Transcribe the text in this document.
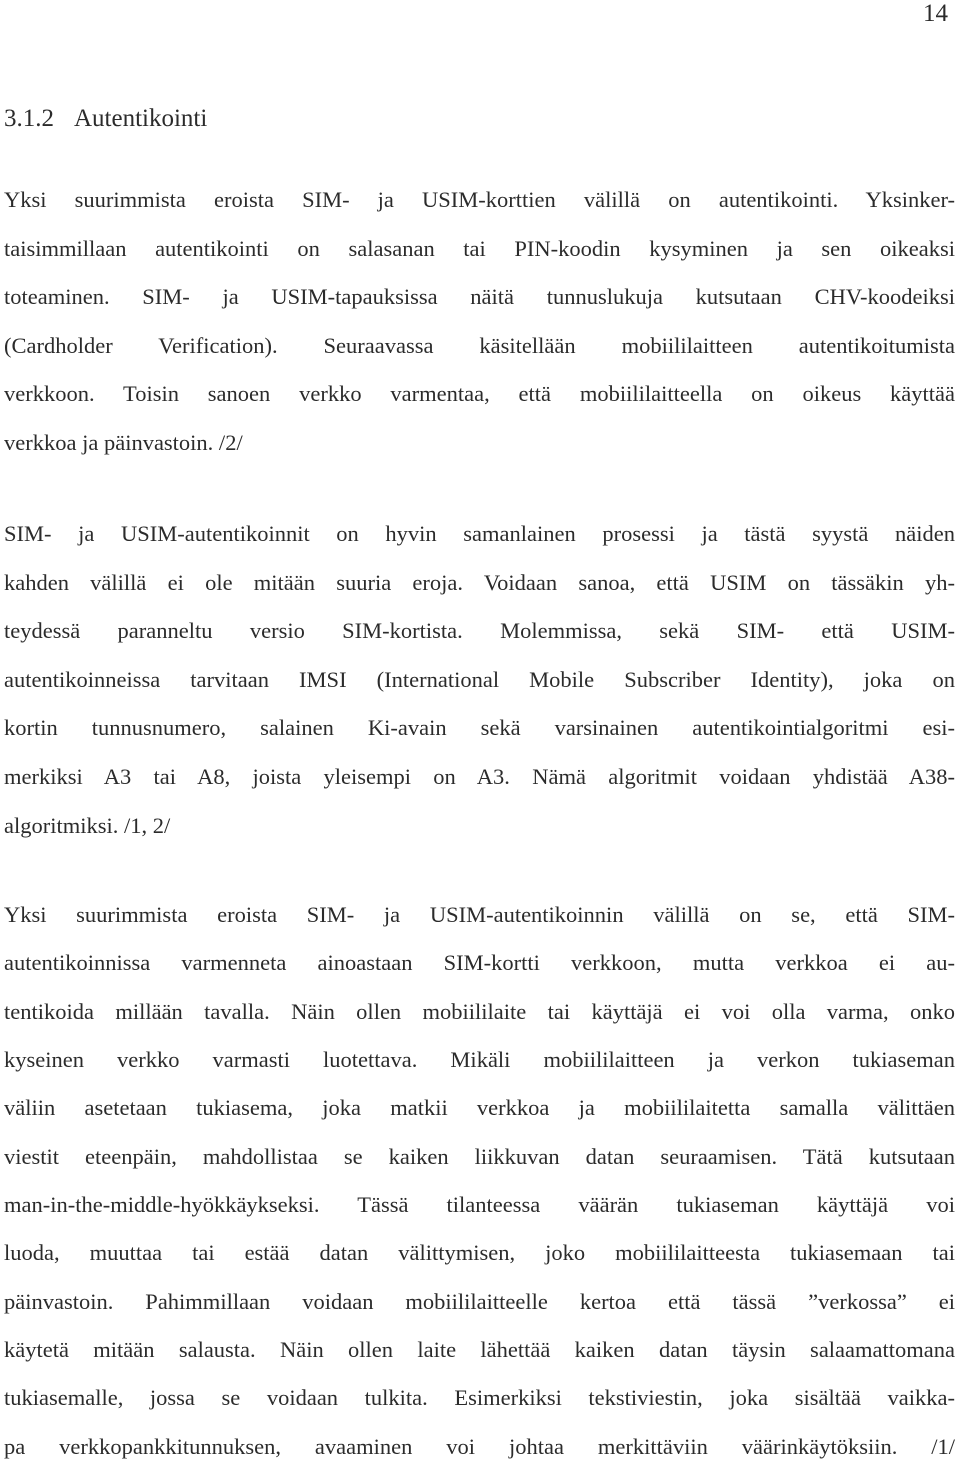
14
3.1.2 Autentikointi
Yksi suurimmista eroista SIM- ja USIM-korttien välillä on autentikointi. Yksinker-
taisimmillaan autentikointi on salasanan tai PIN-koodin kysyminen ja sen oikeaksi
toteaminen. SIM- ja USIM-tapauksissa näitä tunnuslukuja kutsutaan CHV-koodeiksi
(Cardholder Verification). Seuraavassa käsitellään mobiililaitteen autentikoitumista
verkkoon. Toisin sanoen verkko varmentaa, että mobiililaitteella on oikeus käyttää
verkkoa ja päinvastoin. /2/
SIM- ja USIM-autentikoinnit on hyvin samanlainen prosessi ja tästä syystä näiden
kahden välillä ei ole mitään suuria eroja. Voidaan sanoa, että USIM on tässäkin yh-
teydessä paranneltu versio SIM-kortista. Molemmissa, sekä SIM- että USIM-
autentikoinneissa tarvitaan IMSI (International Mobile Subscriber Identity), joka on
kortin tunnusnumero, salainen Ki-avain sekä varsinainen autentikointialgoritmi esi-
merkiksi A3 tai A8, joista yleisempi on A3. Nämä algoritmit voidaan yhdistää A38-
algoritmiksi. /1, 2/
Yksi suurimmista eroista SIM- ja USIM-autentikoinnin välillä on se, että SIM-
autentikoinnissa varmenneta ainoastaan SIM-kortti verkkoon, mutta verkkoa ei au-
tentikoida millään tavalla. Näin ollen mobiililaite tai käyttäjä ei voi olla varma, onko
kyseinen verkko varmasti luotettava. Mikäli mobiililaitteen ja verkon tukiaseman
väliin asetetaan tukiasema, joka matkii verkkoa ja mobiililaitetta samalla välittäen
viestit eteenpäin, mahdollistaa se kaiken liikkuvan datan seuraamisen. Tätä kutsutaan
man-in-the-middle-hyökkäykseksi. Tässä tilanteessa väärän tukiaseman käyttäjä voi
luoda, muuttaa tai estää datan välittymisen, joko mobiililaitteesta tukiasemaan tai
päinvastoin. Pahimmillaan voidaan mobiililaitteelle kertoa että tässä ”verkossa” ei
käytetä mitään salausta. Näin ollen laite lähettää kaiken datan täysin salaamattomana
tukiasemalle, jossa se voidaan tulkita. Esimerkiksi tekstiviestin, joka sisältää vaikka-
pa verkkopankkitunnuksen, avaaminen voi johtaa merkittäviin väärinkäytöksiin. /1/
